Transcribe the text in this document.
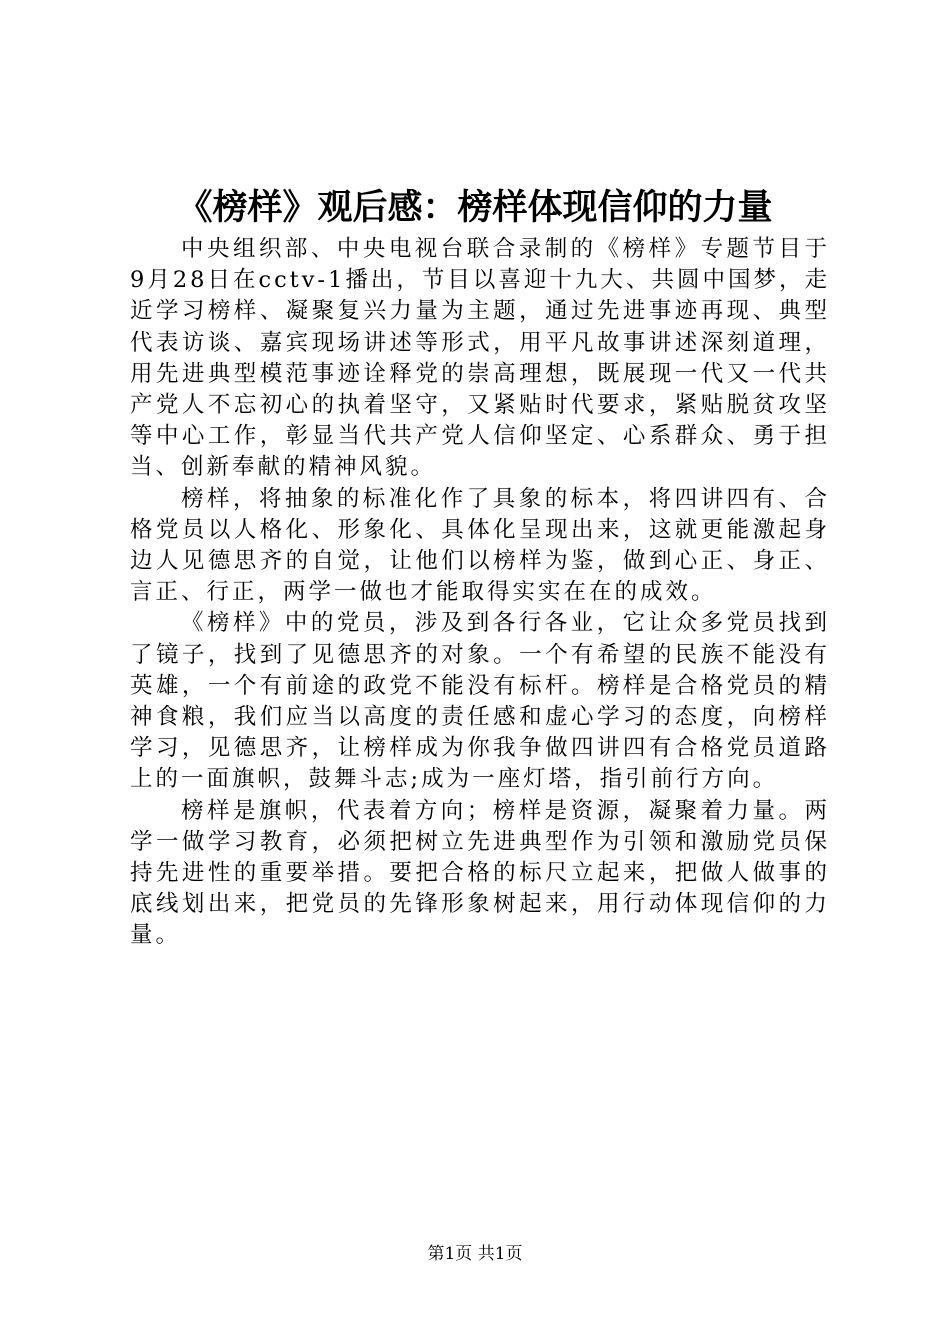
《榜样》观后感：榜样体现信仰的力量

中央组织部、中央电视台联合录制的《榜样》专题节目于9月28日在cctv-1播出，节目以喜迎十九大、共圆中国梦，走近学习榜样、凝聚复兴力量为主题，通过先进事迹再现、典型代表访谈、嘉宾现场讲述等形式，用平凡故事讲述深刻道理，用先进典型模范事迹诠释党的崇高理想，既展现一代又一代共产党人不忘初心的执着坚守，又紧贴时代要求，紧贴脱贫攻坚等中心工作，彰显当代共产党人信仰坚定、心系群众、勇于担当、创新奉献的精神风貌。

榜样，将抽象的标准化作了具象的标本，将四讲四有、合格党员以人格化、形象化、具体化呈现出来，这就更能激起身边人见德思齐的自觉，让他们以榜样为鉴，做到心正、身正、言正、行正，两学一做也才能取得实实在在的成效。

《榜样》中的党员，涉及到各行各业，它让众多党员找到了镜子，找到了见德思齐的对象。一个有希望的民族不能没有英雄，一个有前途的政党不能没有标杆。榜样是合格党员的精神食粮，我们应当以高度的责任感和虚心学习的态度，向榜样学习，见德思齐，让榜样成为你我争做四讲四有合格党员道路上的一面旗帜，鼓舞斗志;成为一座灯塔，指引前行方向。

榜样是旗帜，代表着方向；榜样是资源，凝聚着力量。两学一做学习教育，必须把树立先进典型作为引领和激励党员保持先进性的重要举措。要把合格的标尺立起来，把做人做事的底线划出来，把党员的先锋形象树起来，用行动体现信仰的力量。

第1页 共1页
